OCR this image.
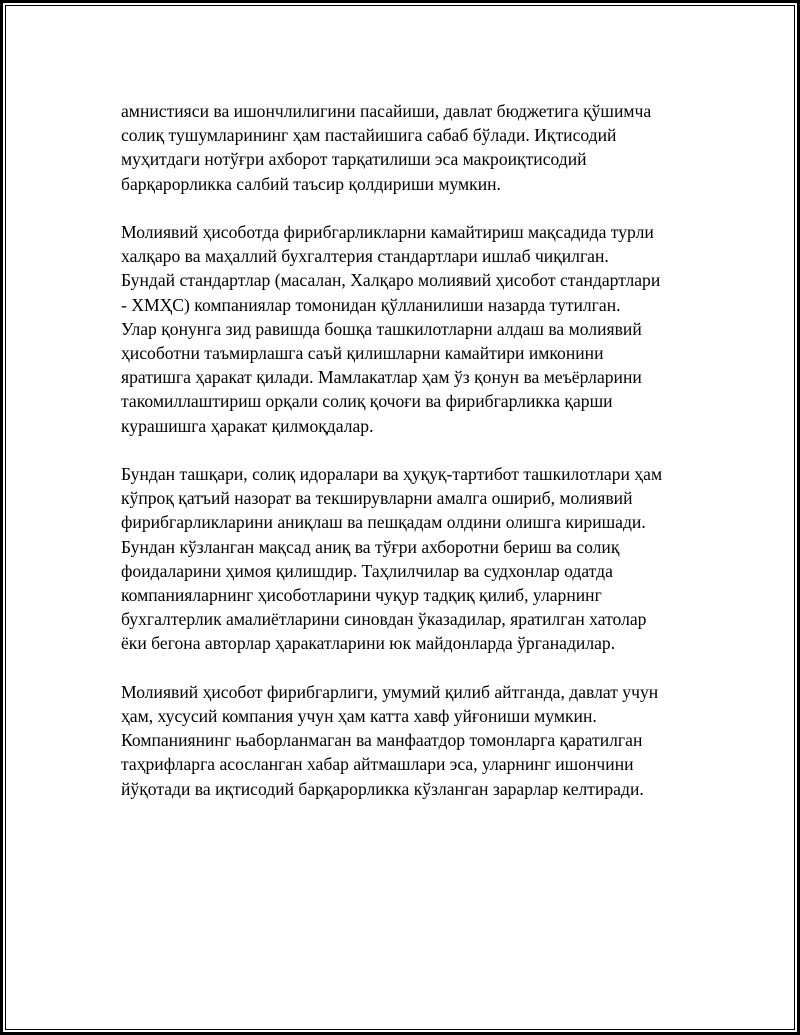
амнистияси ва ишончлилигини пасайиши, давлат бюджетига қўшимча
солиқ тушумларининг ҳам пастайишига сабаб бўлади. Иқтисодий
муҳитдаги нотўғри ахборот тарқатилиши эса макроиқтисодий
барқарорликка салбий таъсир қолдириши мумкин.

Молиявий ҳисоботда фирибгарликларни камайтириш мақсадида турли
халқаро ва маҳаллий бухгалтерия стандартлари ишлаб чиқилган.
Бундай стандартлар (масалан, Халқаро молиявий ҳисобот стандартлари
- ХМҲС) компаниялар томонидан қўлланилиши назарда тутилган.
Улар қонунга зид равишда бошқа ташкилотларни алдаш ва молиявий
ҳисоботни таъмирлашга саъй қилишларни камайтири имконини
яратишга ҳаракат қилади. Мамлакатлар ҳам ўз қонун ва меъёрларини
такомиллаштириш орқали солиқ қочоғи ва фирибгарликка қарши
курашишга ҳаракат қилмоқдалар.

Бундан ташқари, солиқ идоралари ва ҳуқуқ-тартибот ташкилотлари ҳам
кўпроқ қатъий назорат ва текширувларни амалга ошириб, молиявий
фирибгарликларини аниқлаш ва пешқадам олдини олишга киришади.
Бундан кўзланган мақсад аниқ ва тўғри ахборотни бериш ва солиқ
фоидаларини ҳимоя қилишдир. Таҳлилчилар ва судхонлар одатда
компанияларнинг ҳисоботларини чуқур тадқиқ қилиб, уларнинг
бухгалтерлик амалиётларини синовдан ўказадилар, яратилган хатолар
ёки бегона авторлар ҳаракатларини юк майдонларда ўрганадилар.

Молиявий ҳисобот фирибгарлиги, умумий қилиб айтганда, давлат учун
ҳам, хусусий компания учун ҳам катта хавф уйғониши мумкин.
Компаниянинг њаборланмаган ва манфаатдор томонларга қаратилган
таҳрифларга асосланган хабар айтмашлари эса, уларнинг ишончини
йўқотади ва иқтисодий барқарорликка кўзланган зарарлар келтиради.
